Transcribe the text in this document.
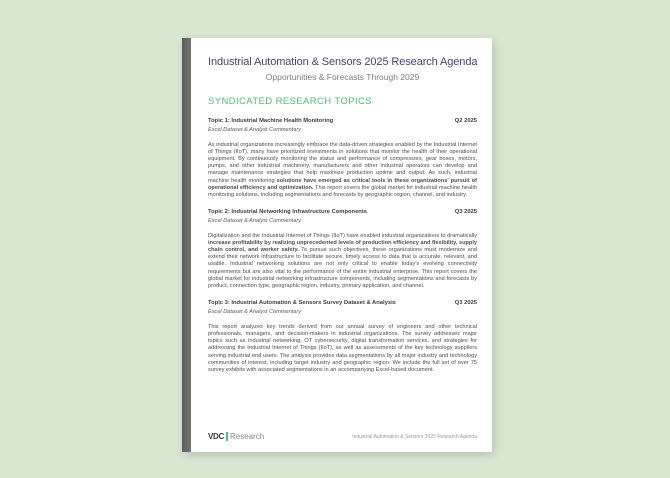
Industrial Automation & Sensors 2025 Research Agenda
Opportunities & Forecasts Through 2029
SYNDICATED RESEARCH TOPICS
Topic 1: Industrial Machine Health Monitoring	Q2 2025
Excel Dataset & Analyst Commentary

As industrial organizations increasingly embrace the data-driven strategies enabled by the Industrial Internet of Things (IIoT), many have prioritized investments in solutions that monitor the health of their operational equipment. By continuously monitoring the status and performance of compressors, gear boxes, motors, pumps, and other industrial machinery, manufacturers and other industrial operators can develop and manage maintenance strategies that help maximize production uptime and output. As such, industrial machine health monitoring solutions have emerged as critical tools in these organizations' pursuit of operational efficiency and optimization. This report covers the global market for industrial machine health monitoring solutions, including segmentations and forecasts by geographic region, channel, and industry.

Topic 2: Industrial Networking Infrastructure Components	Q3 2025
Excel Dataset & Analyst Commentary

Digitalization and the Industrial Internet of Things (IIoT) have enabled industrial organizations to dramatically increase profitability by realizing unprecedented levels of production efficiency and flexibility, supply chain control, and worker safety. To pursue such objectives, these organizations must modernize and extend their network infrastructure to facilitate secure, timely access to data that is accurate, relevant, and usable. Industrial networking solutions are not only critical to enable today's evolving connectivity requirements but are also vital to the performance of the entire industrial enterprise. This report covers the global market for industrial networking infrastructure components, including segmentations and forecasts by product, connection type, geographic region, industry, primary application, and channel.

Topic 3: Industrial Automation & Sensors Survey Dataset & Analysis	Q3 2025
Excel Dataset & Analyst Commentary

This report analyzes key trends derived from our annual survey of engineers and other technical professionals, managers, and decision-makers in industrial organizations. The survey addresses major topics such as industrial networking, OT cybersecurity, digital transformation services, and strategies for addressing the Industrial Internet of Things (IIoT), as well as assessments of the key technology suppliers serving industrial end users. The analysis provides data segmentations by all major industry and technology communities of interest, including target industry and geographic region. We include the full set of over 75 survey exhibits with associated segmentations in an accompanying Excel-based document.

VDC Research	Industrial Automation & Sensors 2025 Research Agenda
